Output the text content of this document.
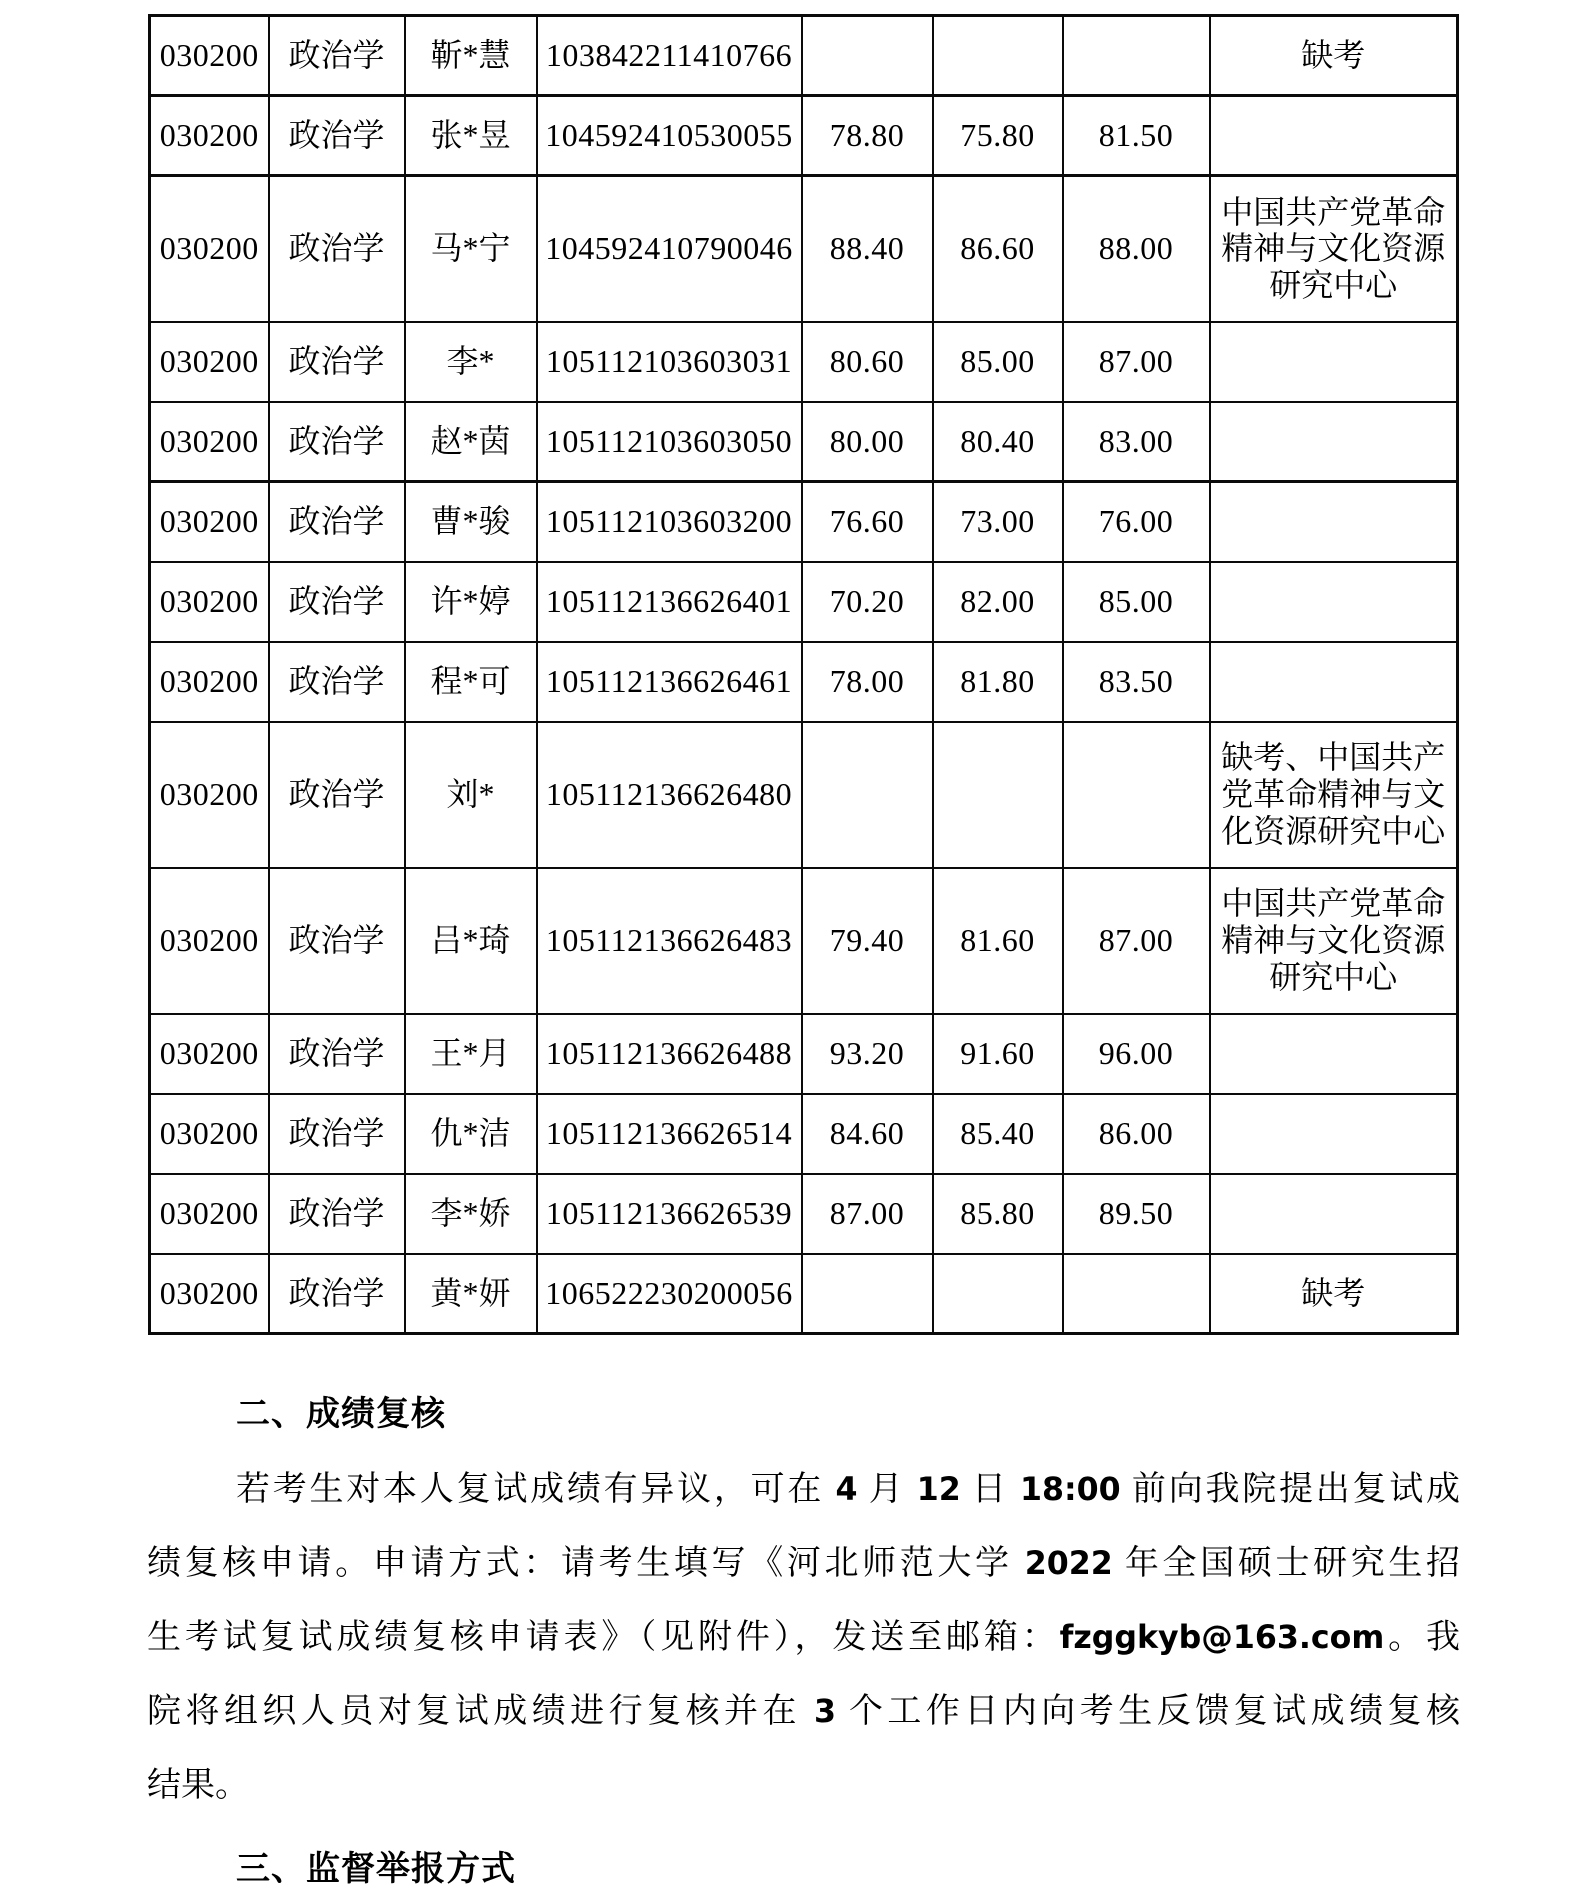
030200	政治学	靳*慧	103842211410766				缺考
030200	政治学	张*昱	104592410530055	78.80	75.80	81.50	
030200	政治学	马*宁	104592410790046	88.40	86.60	88.00	中国共产党革命精神与文化资源研究中心
030200	政治学	李*	105112103603031	80.60	85.00	87.00	
030200	政治学	赵*茵	105112103603050	80.00	80.40	83.00	
030200	政治学	曹*骏	105112103603200	76.60	73.00	76.00	
030200	政治学	许*婷	105112136626401	70.20	82.00	85.00	
030200	政治学	程*可	105112136626461	78.00	81.80	83.50	
030200	政治学	刘*	105112136626480				缺考、中国共产党革命精神与文化资源研究中心
030200	政治学	吕*琦	105112136626483	79.40	81.60	87.00	中国共产党革命精神与文化资源研究中心
030200	政治学	王*月	105112136626488	93.20	91.60	96.00	
030200	政治学	仇*洁	105112136626514	84.60	85.40	86.00	
030200	政治学	李*娇	105112136626539	87.00	85.80	89.50	
030200	政治学	黄*妍	106522230200056				缺考
二、成绩复核
若考生对本人复试成绩有异议，可在 4 月 12 日 18:00 前向我院提出复试成
绩复核申请。申请方式：请考生填写《河北师范大学 2022 年全国硕士研究生招
生考试复试成绩复核申请表》（见附件），发送至邮箱：fzggkyb@163.com。我
院将组织人员对复试成绩进行复核并在 3 个工作日内向考生反馈复试成绩复核
结果。
三、监督举报方式
